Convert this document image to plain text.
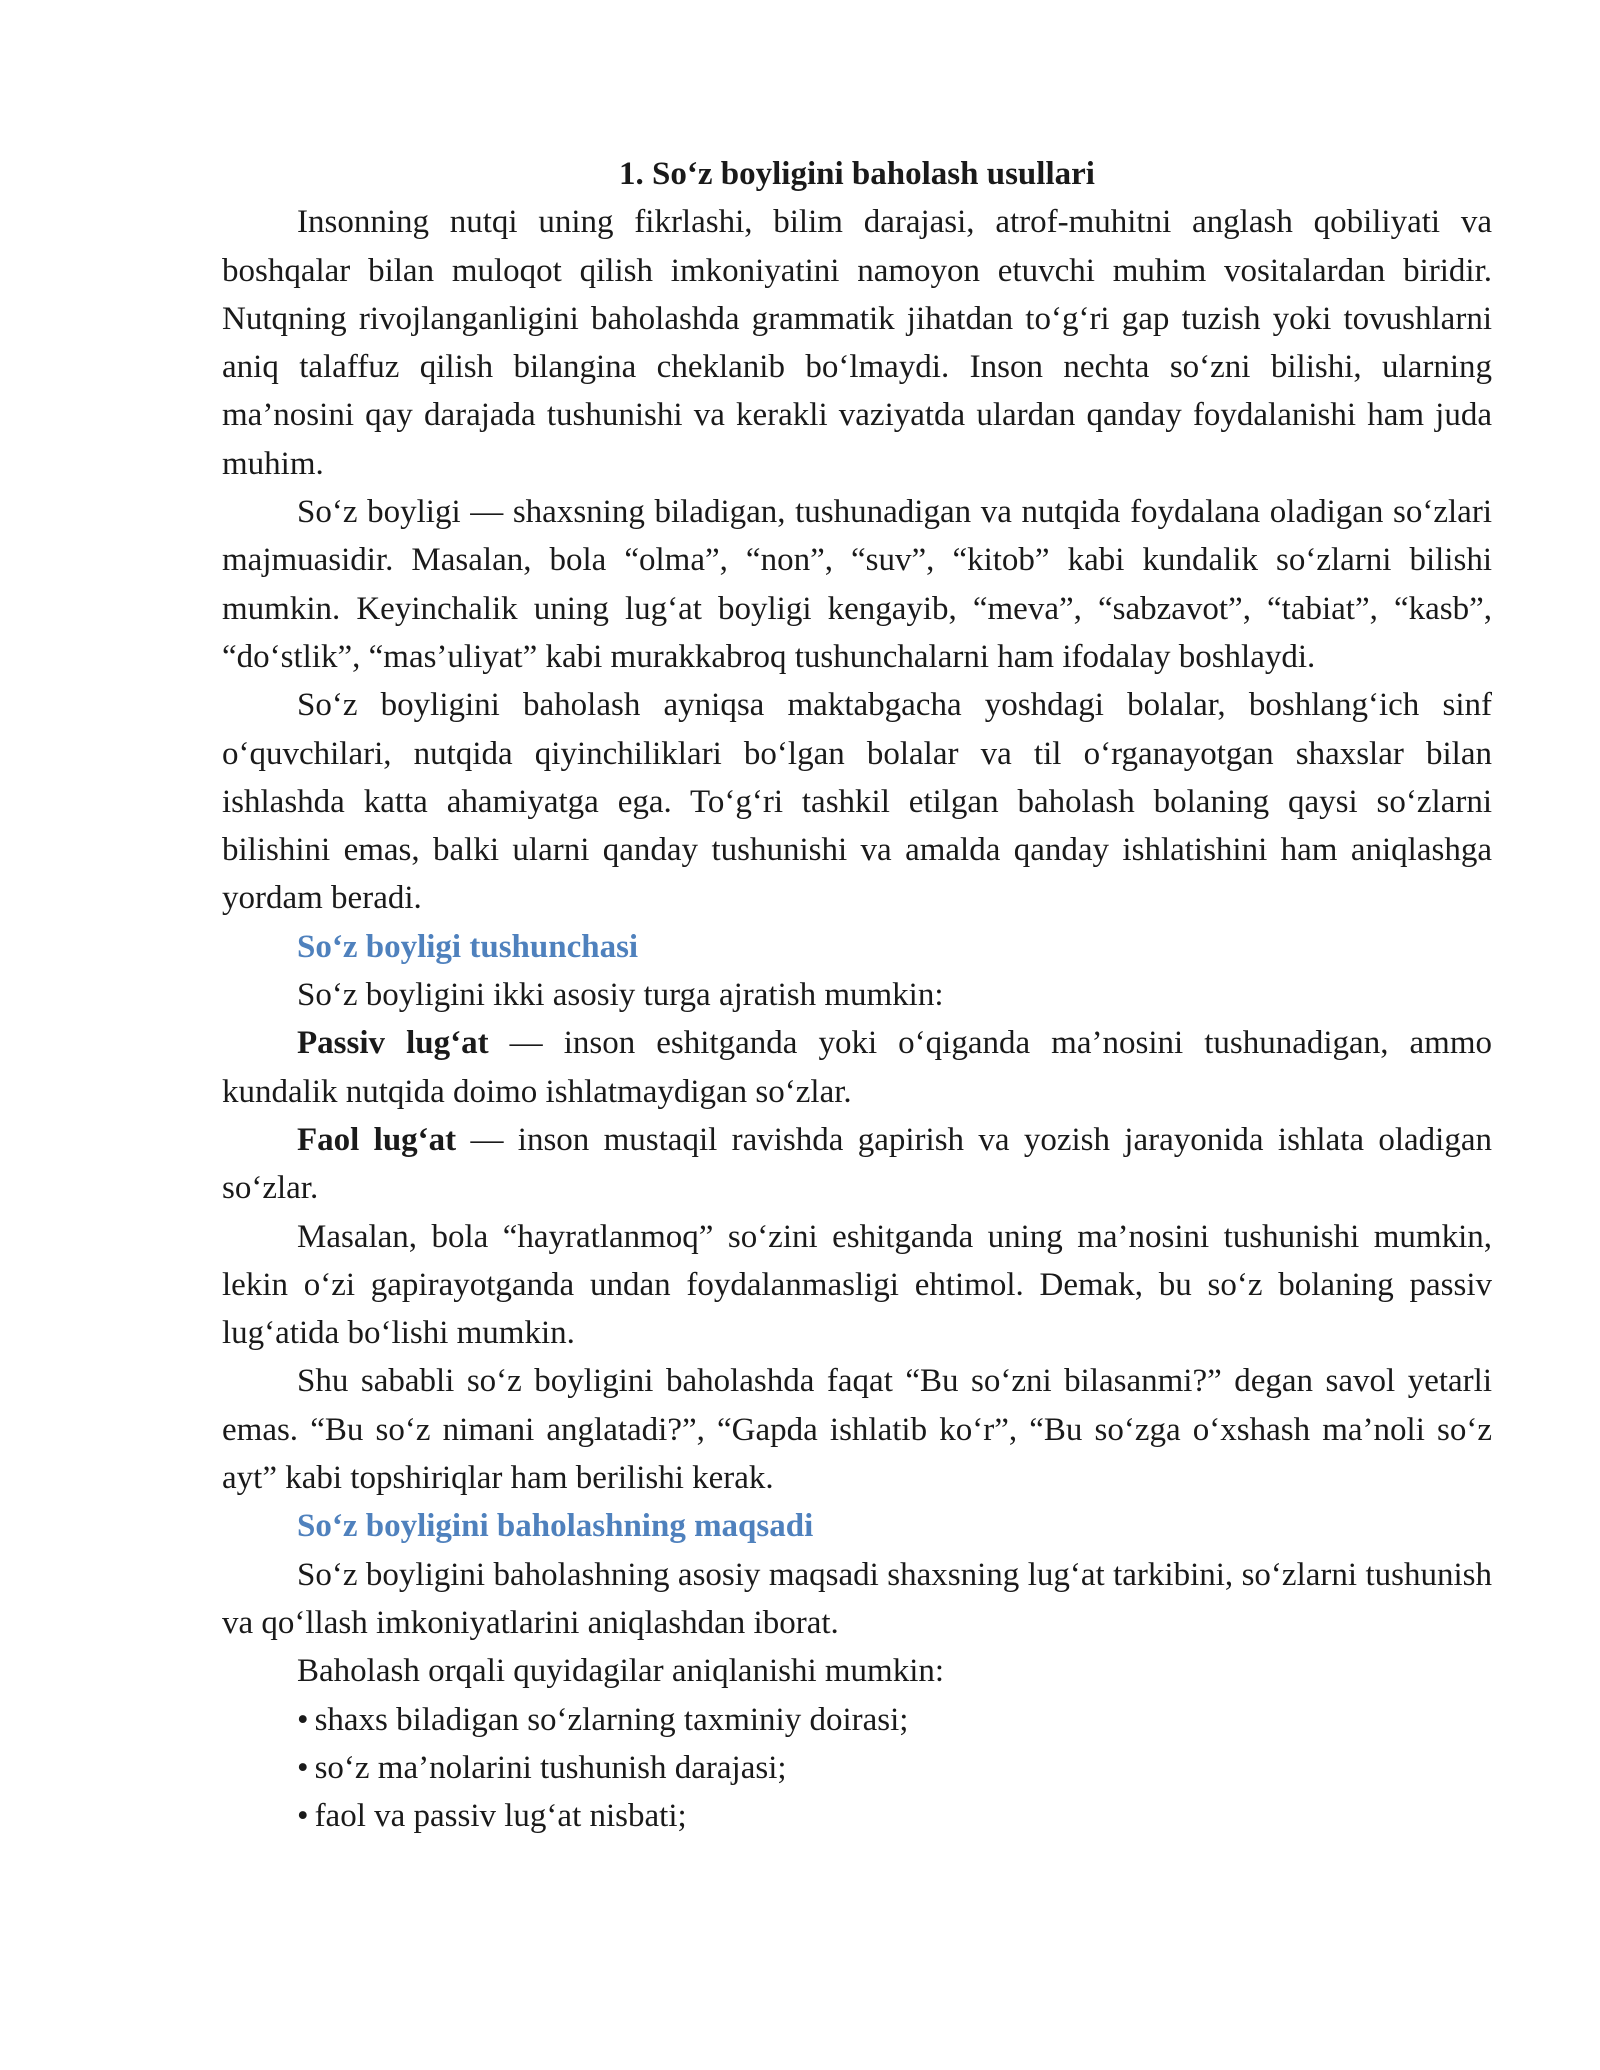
1. So‘z boyligini baholash usullari

Insonning nutqi uning fikrlashi, bilim darajasi, atrof-muhitni anglash qobiliyati va boshqalar bilan muloqot qilish imkoniyatini namoyon etuvchi muhim vositalardan biridir. Nutqning rivojlanganligini baholashda grammatik jihatdan to‘g‘ri gap tuzish yoki tovushlarni aniq talaffuz qilish bilangina cheklanib bo‘lmaydi. Inson nechta so‘zni bilishi, ularning ma’nosini qay darajada tushunishi va kerakli vaziyatda ulardan qanday foydalanishi ham juda muhim.

So‘z boyligi — shaxsning biladigan, tushunadigan va nutqida foydalana oladigan so‘zlari majmuasidir. Masalan, bola “olma”, “non”, “suv”, “kitob” kabi kundalik so‘zlarni bilishi mumkin. Keyinchalik uning lug‘at boyligi kengayib, “meva”, “sabzavot”, “tabiat”, “kasb”, “do‘stlik”, “mas’uliyat” kabi murakkabroq tushunchalarni ham ifodalay boshlaydi.

So‘z boyligini baholash ayniqsa maktabgacha yoshdagi bolalar, boshlang‘ich sinf o‘quvchilari, nutqida qiyinchiliklari bo‘lgan bolalar va til o‘rganayotgan shaxslar bilan ishlashda katta ahamiyatga ega. To‘g‘ri tashkil etilgan baholash bolaning qaysi so‘zlarni bilishini emas, balki ularni qanday tushunishi va amalda qanday ishlatishini ham aniqlashga yordam beradi.

So‘z boyligi tushunchasi

So‘z boyligini ikki asosiy turga ajratish mumkin:

Passiv lug‘at — inson eshitganda yoki o‘qiganda ma’nosini tushunadigan, ammo kundalik nutqida doimo ishlatmaydigan so‘zlar.

Faol lug‘at — inson mustaqil ravishda gapirish va yozish jarayonida ishlata oladigan so‘zlar.

Masalan, bola “hayratlanmoq” so‘zini eshitganda uning ma’nosini tushunishi mumkin, lekin o‘zi gapirayotganda undan foydalanmasligi ehtimol. Demak, bu so‘z bolaning passiv lug‘atida bo‘lishi mumkin.

Shu sababli so‘z boyligini baholashda faqat “Bu so‘zni bilasanmi?” degan savol yetarli emas. “Bu so‘z nimani anglatadi?”, “Gapda ishlatib ko‘r”, “Bu so‘zga o‘xshash ma’noli so‘z ayt” kabi topshiriqlar ham berilishi kerak.

So‘z boyligini baholashning maqsadi

So‘z boyligini baholashning asosiy maqsadi shaxsning lug‘at tarkibini, so‘zlarni tushunish va qo‘llash imkoniyatlarini aniqlashdan iborat.

Baholash orqali quyidagilar aniqlanishi mumkin:

• shaxs biladigan so‘zlarning taxminiy doirasi;
• so‘z ma’nolarini tushunish darajasi;
• faol va passiv lug‘at nisbati;
